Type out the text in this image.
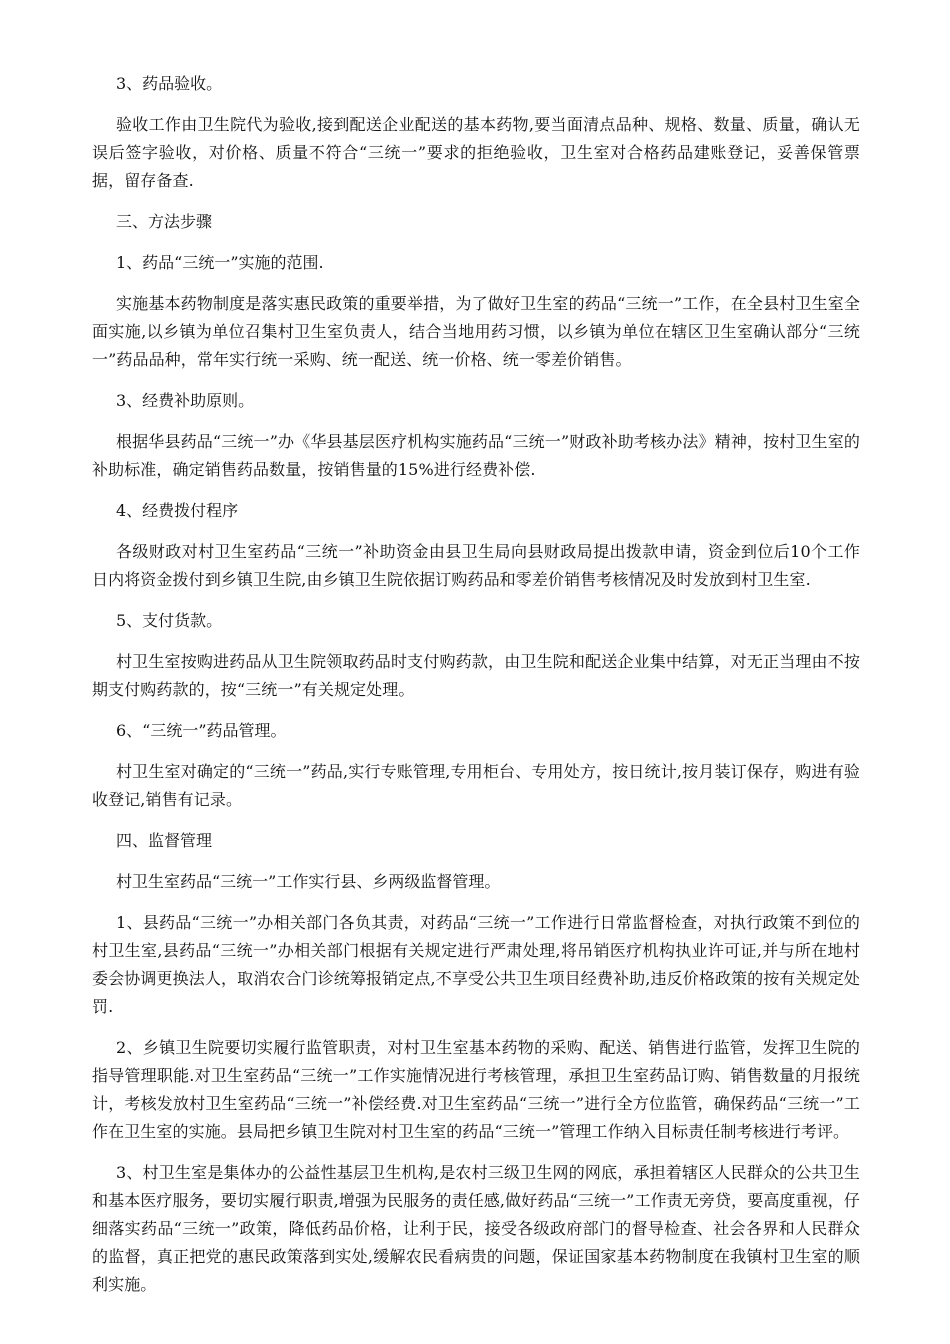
3、药品验收。

验收工作由卫生院代为验收,接到配送企业配送的基本药物,要当面清点品种、规格、数量、质量，确认无误后签字验收，对价格、质量不符合“三统一”要求的拒绝验收，卫生室对合格药品建账登记，妥善保管票据，留存备查.

三、方法步骤

1、药品“三统一”实施的范围.

实施基本药物制度是落实惠民政策的重要举措，为了做好卫生室的药品“三统一”工作，在全县村卫生室全面实施,以乡镇为单位召集村卫生室负责人，结合当地用药习惯，以乡镇为单位在辖区卫生室确认部分“三统一”药品品种，常年实行统一采购、统一配送、统一价格、统一零差价销售。

3、经费补助原则。

根据华县药品“三统一”办《华县基层医疗机构实施药品“三统一”财政补助考核办法》精神，按村卫生室的补助标准，确定销售药品数量，按销售量的15%进行经费补偿.

4、经费拨付程序

各级财政对村卫生室药品“三统一”补助资金由县卫生局向县财政局提出拨款申请，资金到位后10个工作日内将资金拨付到乡镇卫生院,由乡镇卫生院依据订购药品和零差价销售考核情况及时发放到村卫生室.

5、支付货款。

村卫生室按购进药品从卫生院领取药品时支付购药款，由卫生院和配送企业集中结算，对无正当理由不按期支付购药款的，按“三统一”有关规定处理。

6、“三统一”药品管理。

村卫生室对确定的“三统一”药品,实行专账管理,专用柜台、专用处方，按日统计,按月装订保存，购进有验收登记,销售有记录。

四、监督管理

村卫生室药品“三统一”工作实行县、乡两级监督管理。

1、县药品“三统一”办相关部门各负其责，对药品“三统一”工作进行日常监督检查，对执行政策不到位的村卫生室,县药品“三统一”办相关部门根据有关规定进行严肃处理,将吊销医疗机构执业许可证,并与所在地村委会协调更换法人，取消农合门诊统筹报销定点,不享受公共卫生项目经费补助,违反价格政策的按有关规定处罚.

2、乡镇卫生院要切实履行监管职责，对村卫生室基本药物的采购、配送、销售进行监管，发挥卫生院的指导管理职能.对卫生室药品“三统一”工作实施情况进行考核管理，承担卫生室药品订购、销售数量的月报统计，考核发放村卫生室药品“三统一”补偿经费.对卫生室药品“三统一”进行全方位监管，确保药品“三统一”工作在卫生室的实施。县局把乡镇卫生院对村卫生室的药品“三统一”管理工作纳入目标责任制考核进行考评。

3、村卫生室是集体办的公益性基层卫生机构,是农村三级卫生网的网底，承担着辖区人民群众的公共卫生和基本医疗服务，要切实履行职责,增强为民服务的责任感,做好药品“三统一”工作责无旁贷，要高度重视，仔细落实药品“三统一”政策，降低药品价格，让利于民，接受各级政府部门的督导检查、社会各界和人民群众的监督，真正把党的惠民政策落到实处,缓解农民看病贵的问题，保证国家基本药物制度在我镇村卫生室的顺利实施。
